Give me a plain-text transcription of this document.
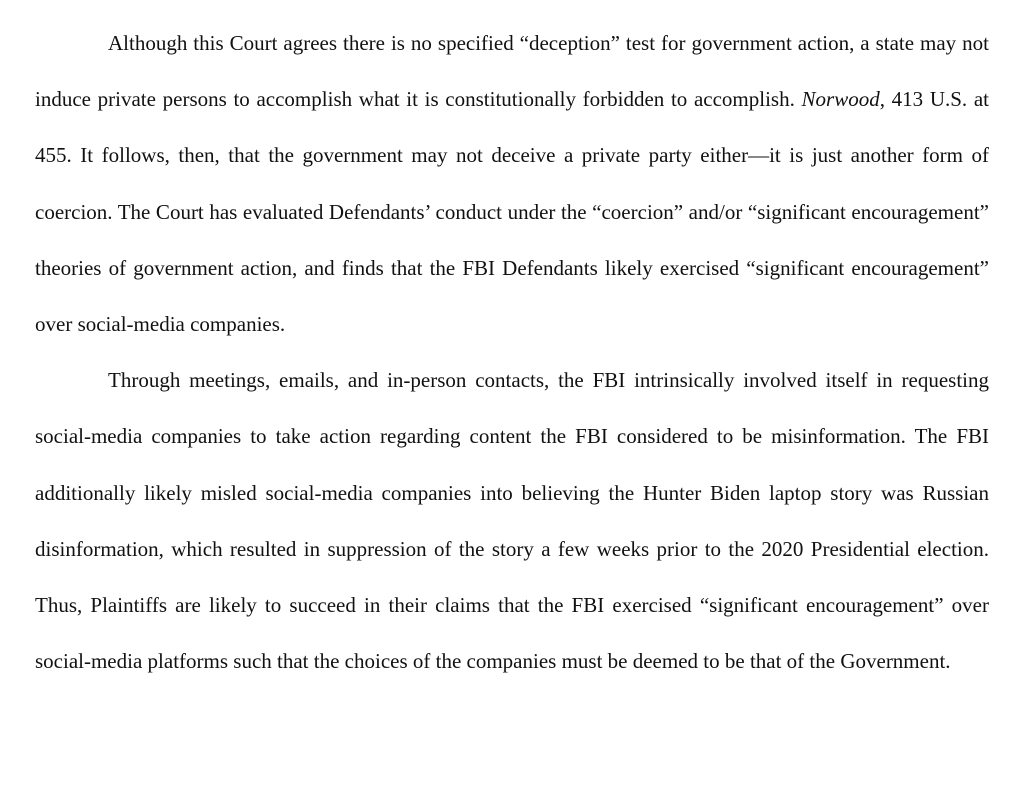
Although this Court agrees there is no specified “deception” test for government action, a state may not induce private persons to accomplish what it is constitutionally forbidden to accomplish. Norwood, 413 U.S. at 455. It follows, then, that the government may not deceive a private party either—it is just another form of coercion. The Court has evaluated Defendants’ conduct under the “coercion” and/or “significant encouragement” theories of government action, and finds that the FBI Defendants likely exercised “significant encouragement” over social-media companies.

Through meetings, emails, and in-person contacts, the FBI intrinsically involved itself in requesting social-media companies to take action regarding content the FBI considered to be misinformation. The FBI additionally likely misled social-media companies into believing the Hunter Biden laptop story was Russian disinformation, which resulted in suppression of the story a few weeks prior to the 2020 Presidential election. Thus, Plaintiffs are likely to succeed in their claims that the FBI exercised “significant encouragement” over social-media platforms such that the choices of the companies must be deemed to be that of the Government.
